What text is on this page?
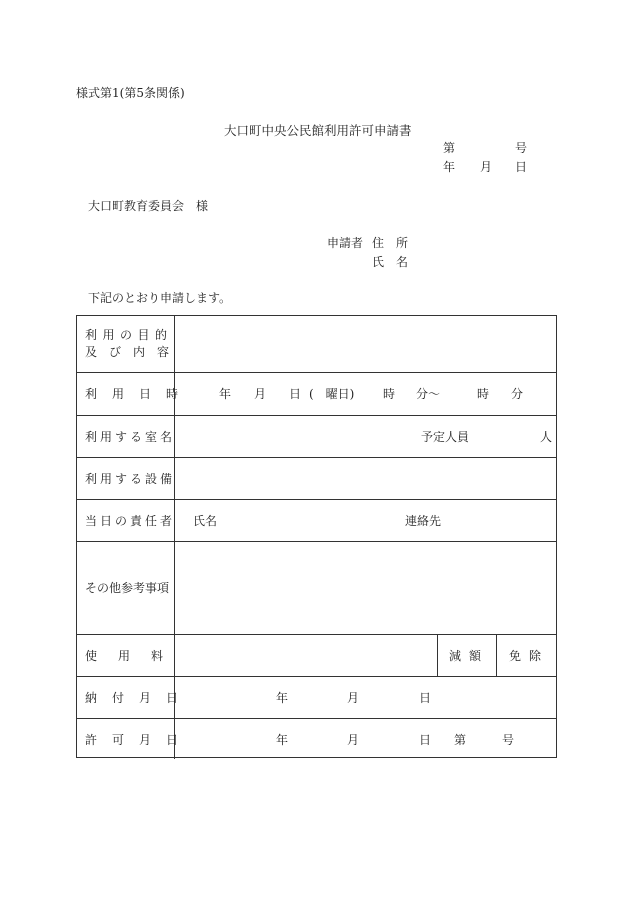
様式第1(第5条関係)
大口町中央公民館利用許可申請書
第	号
年 月 日
大口町教育委員会　様
申請者 住　所
氏　名
下記のとおり申請します。
利用の目的
及び内容
利用日時 年 月 日 (　曜日) 時 分〜	時 分
利用する室名	予定人員	人
利用する設備
当日の責任者 氏名	連絡先
その他参考事項
使用料	減額 免除
納付月日	年	月	日
許可月日	年	月	日 第	号
